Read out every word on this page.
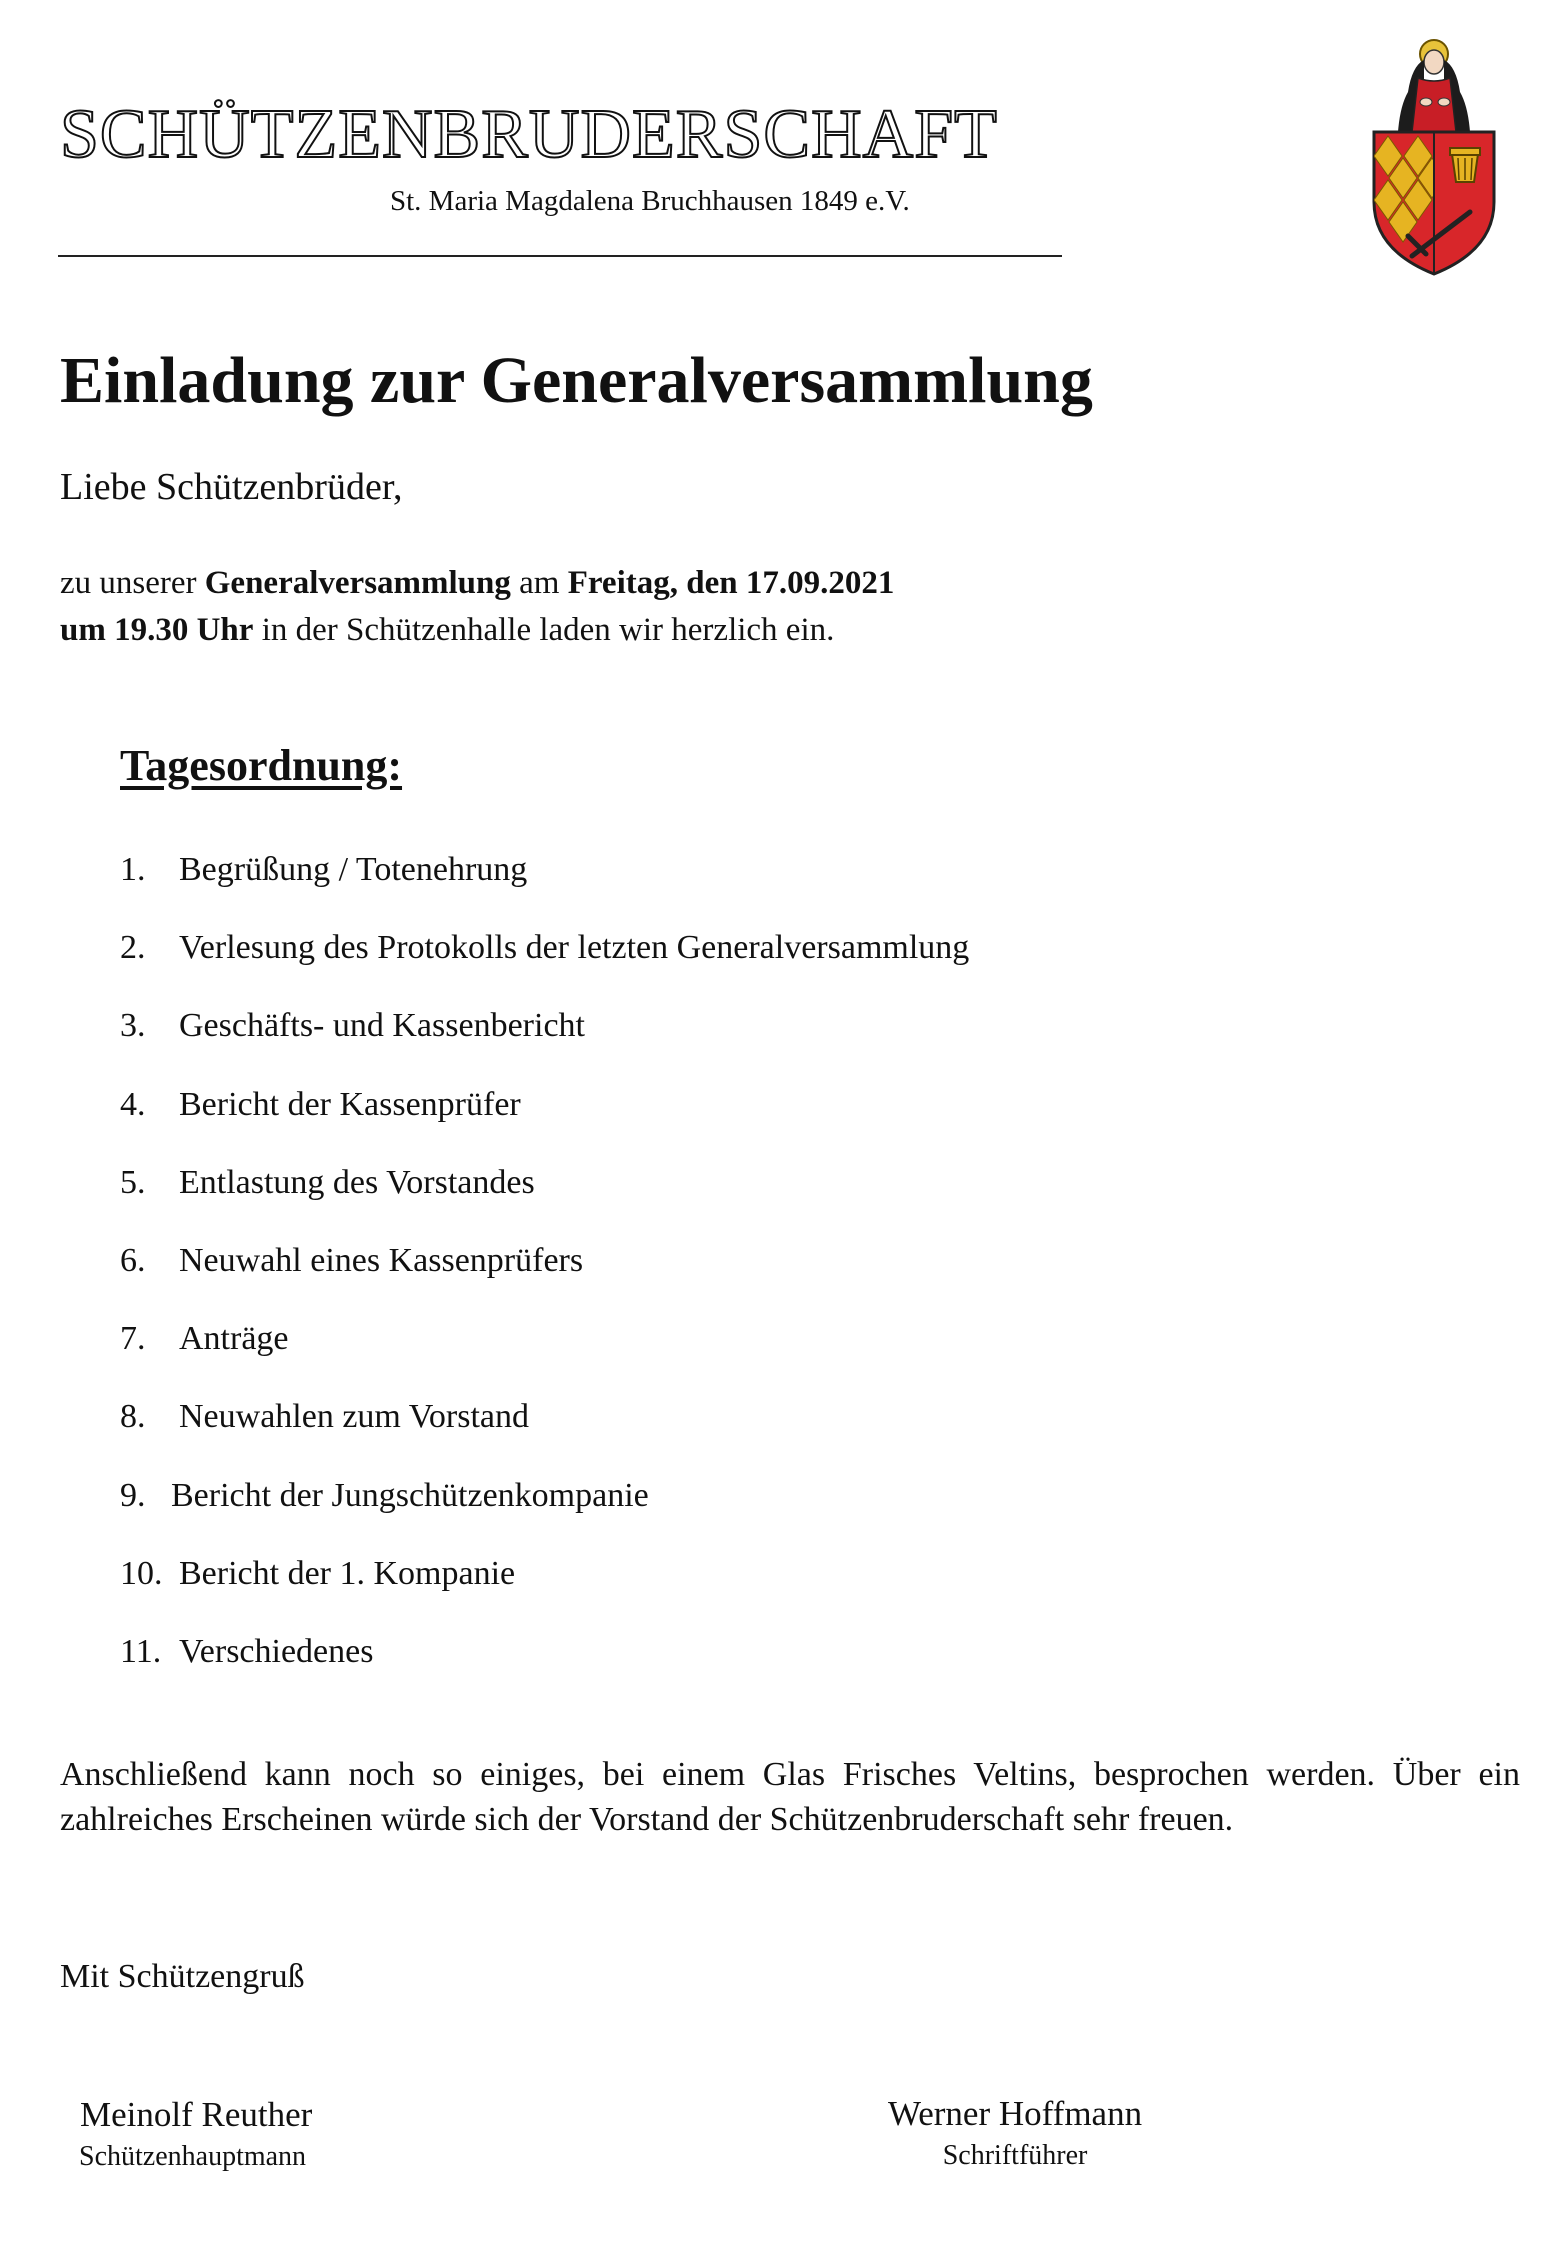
SCHÜTZENBRUDERSCHAFT
St. Maria Magdalena Bruchhausen 1849 e.V.
Einladung zur Generalversammlung
Liebe Schützenbrüder,
zu unserer Generalversammlung am Freitag, den 17.09.2021
um 19.30 Uhr in der Schützenhalle laden wir herzlich ein.
Tagesordnung:
1. Begrüßung / Totenehrung
2. Verlesung des Protokolls der letzten Generalversammlung
3. Geschäfts- und Kassenbericht
4. Bericht der Kassenprüfer
5. Entlastung des Vorstandes
6. Neuwahl eines Kassenprüfers
7. Anträge
8. Neuwahlen zum Vorstand
9. Bericht der Jungschützenkompanie
10. Bericht der 1. Kompanie
11. Verschiedenes
Anschließend kann noch so einiges, bei einem Glas Frisches Veltins, besprochen werden. Über ein zahlreiches Erscheinen würde sich der Vorstand der Schützenbruderschaft sehr freuen.
Mit Schützengruß
Meinolf Reuther
Schützenhauptmann
Werner Hoffmann
Schriftführer
